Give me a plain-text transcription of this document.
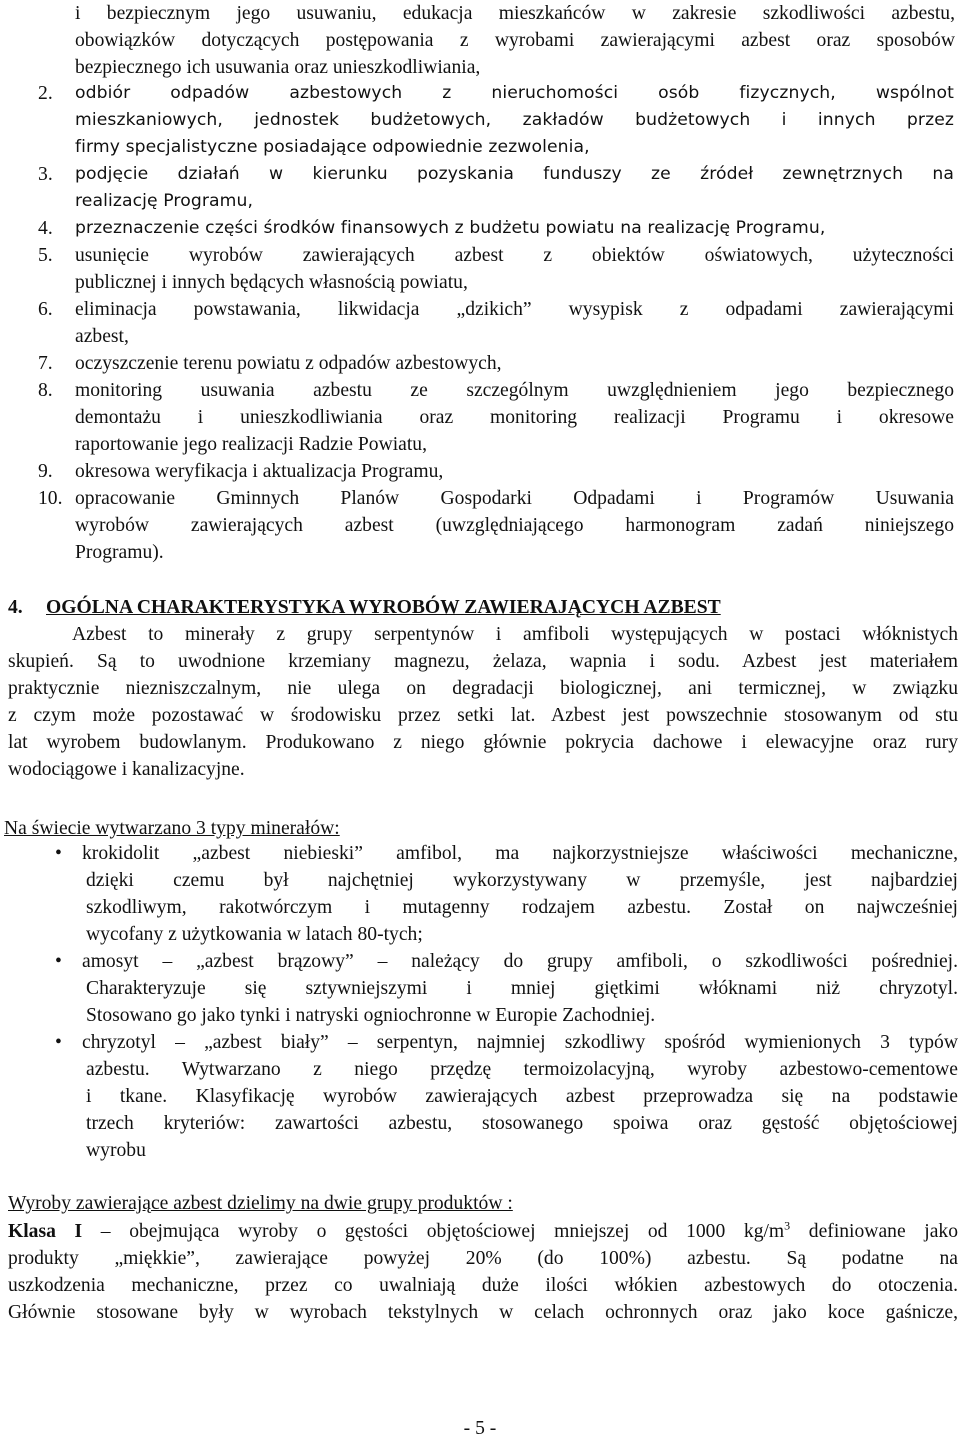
i bezpiecznym jego usuwaniu, edukacja mieszkańców w zakresie szkodliwości azbestu,
obowiązków dotyczących postępowania z wyrobami zawierającymi azbest oraz sposobów
bezpiecznego ich usuwania oraz unieszkodliwiania,
2.	odbiór odpadów azbestowych z nieruchomości osób fizycznych, wspólnot
mieszkaniowych, jednostek budżetowych, zakładów budżetowych i innych przez
firmy specjalistyczne posiadające odpowiednie zezwolenia,
3.	podjęcie działań w kierunku pozyskania funduszy ze źródeł zewnętrznych na
realizację Programu,
4.	przeznaczenie części środków finansowych z budżetu powiatu na realizację Programu,
5.	usunięcie wyrobów zawierających azbest z obiektów oświatowych, użyteczności
publicznej i innych będących własnością powiatu,
6.	eliminacja powstawania, likwidacja „dzikich” wysypisk z odpadami zawierającymi
azbest,
7.	oczyszczenie terenu powiatu z odpadów azbestowych,
8.	monitoring usuwania azbestu ze szczególnym uwzględnieniem jego bezpiecznego
demontażu i unieszkodliwiania oraz monitoring realizacji Programu i okresowe
raportowanie jego realizacji Radzie Powiatu,
9.	okresowa weryfikacja i aktualizacja Programu,
10. opracowanie Gminnych Planów Gospodarki Odpadami i Programów Usuwania
wyrobów zawierających azbest (uwzględniającego harmonogram zadań niniejszego
Programu).
4. OGÓLNA CHARAKTERYSTYKA WYROBÓW ZAWIERAJĄCYCH AZBEST
Azbest to minerały z grupy serpentynów i amfiboli występujących w postaci włóknistych
skupień. Są to uwodnione krzemiany magnezu, żelaza, wapnia i sodu. Azbest jest materiałem
praktycznie niezniszczalnym, nie ulega on degradacji biologicznej, ani termicznej, w związku
z czym może pozostawać w środowisku przez setki lat. Azbest jest powszechnie stosowanym od stu
lat wyrobem budowlanym. Produkowano z niego głównie pokrycia dachowe i elewacyjne oraz rury
wodociągowe i kanalizacyjne.
Na świecie wytwarzano 3 typy minerałów:
•	krokidolit „azbest niebieski” amfibol, ma najkorzystniejsze właściwości mechaniczne,
dzięki czemu był najchętniej wykorzystywany w przemyśle, jest najbardziej
szkodliwym, rakotwórczym i mutagenny rodzajem azbestu. Został on najwcześniej
wycofany z użytkowania w latach 80-tych;
•	amosyt – „azbest brązowy” – należący do grupy amfiboli, o szkodliwości pośredniej.
Charakteryzuje się sztywniejszymi i mniej giętkimi włóknami niż chryzotyl.
Stosowano go jako tynki i natryski ogniochronne w Europie Zachodniej.
•	chryzotyl – „azbest biały” – serpentyn, najmniej szkodliwy spośród wymienionych 3 typów
azbestu. Wytwarzano z niego przędzę termoizolacyjną, wyroby azbestowo-cementowe
i tkane. Klasyfikację wyrobów zawierających azbest przeprowadza się na podstawie
trzech kryteriów: zawartości azbestu, stosowanego spoiwa oraz gęstość objętościowej
wyrobu
Wyroby zawierające azbest dzielimy na dwie grupy produktów :
Klasa I – obejmująca wyroby o gęstości objętościowej mniejszej od 1000 $kg/m^3$ definiowane jako
produkty „miękkie”, zawierające powyżej 20% (do 100%) azbestu. Są podatne na
uszkodzenia mechaniczne, przez co uwalniają duże ilości włókien azbestowych do otoczenia.
Głównie stosowane były w wyrobach tekstylnych w celach ochronnych oraz jako koce gaśnicze,
- 5 -
